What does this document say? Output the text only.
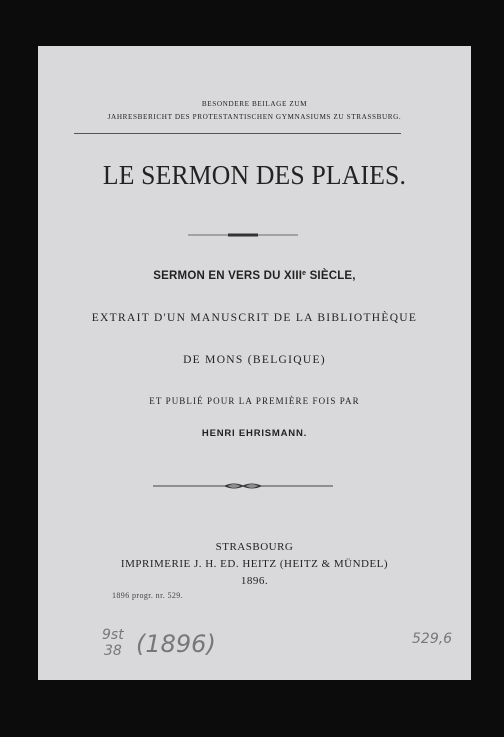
BESONDERE BEILAGE ZUM
JAHRESBERICHT DES PROTESTANTISCHEN GYMNASIUMS ZU STRASSBURG.
LE SERMON DES PLAIES.
SERMON EN VERS DU XIIIe SIÈCLE,
EXTRAIT D'UN MANUSCRIT DE LA BIBLIOTHÈQUE
DE MONS (BELGIQUE)
ET PUBLIÉ POUR LA PREMIÈRE FOIS PAR
HENRI EHRISMANN.
STRASBOURG
IMPRIMERIE J. H. ED. HEITZ (HEITZ & MÜNDEL)
1896.
1896 progr. nr. 529.
9st
38 (1896)	529,6
